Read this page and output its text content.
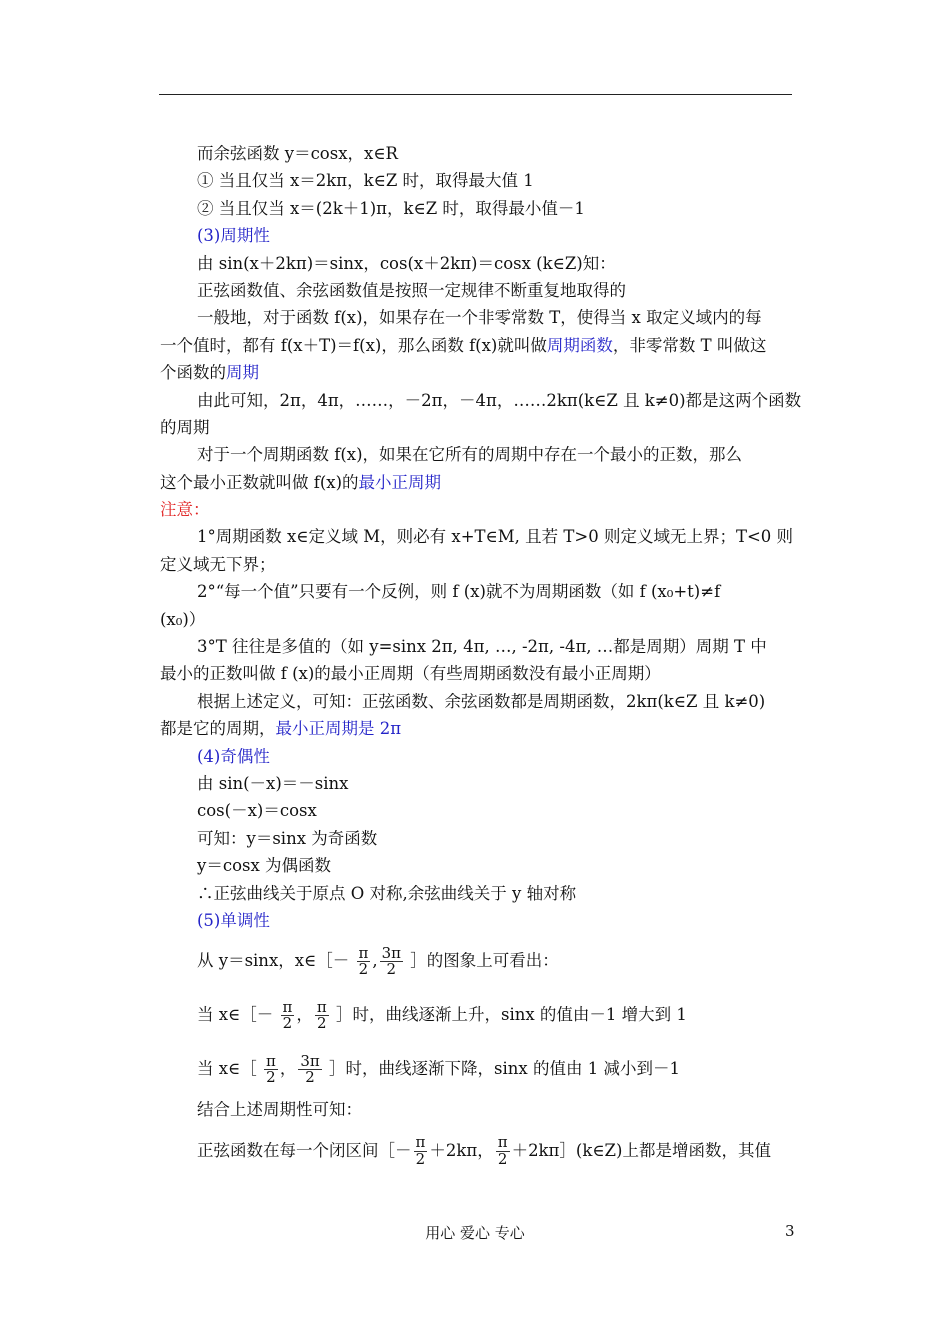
而余弦函数 y＝cosx，x∈R
① 当且仅当 x＝2kπ，k∈Z 时，取得最大值 1
② 当且仅当 x＝(2k＋1)π，k∈Z 时，取得最小值－1
(3)周期性
由 sin(x＋2kπ)＝sinx，cos(x＋2kπ)＝cosx (k∈Z)知：
正弦函数值、余弦函数值是按照一定规律不断重复地取得的
一般地，对于函数 f(x)，如果存在一个非零常数 T，使得当 x 取定义域内的每
一个值时，都有 f(x＋T)＝f(x)，那么函数 f(x)就叫做周期函数，非零常数 T 叫做这
个函数的周期
由此可知，2π，4π，……，－2π，－4π，……2kπ(k∈Z 且 k≠0)都是这两个函数
的周期
对于一个周期函数 f(x)，如果在它所有的周期中存在一个最小的正数，那么
这个最小正数就叫做 f(x)的最小正周期
注意：
1°周期函数 x∈定义域 M，则必有 x+T∈M, 且若 T>0 则定义域无上界；T<0 则
定义域无下界；
2°“每一个值”只要有一个反例，则 f (x)就不为周期函数（如 f (x₀+t)≠f
(x₀)）
3°T 往往是多值的（如 y=sinx 2π, 4π, …, -2π, -4π, …都是周期）周期 T 中
最小的正数叫做 f (x)的最小正周期（有些周期函数没有最小正周期）
根据上述定义，可知：正弦函数、余弦函数都是周期函数，2kπ(k∈Z 且 k≠0)
都是它的周期，最小正周期是 2π
(4)奇偶性
由 sin(－x)＝－sinx
cos(－x)＝cosx
可知：y＝sinx 为奇函数
y＝cosx 为偶函数
∴正弦曲线关于原点 O 对称,余弦曲线关于 y 轴对称
(5)单调性
从 y＝sinx，x∈［－ $\frac{\pi}{2}$ , $\frac{3\pi}{2}$ ］的图象上可看出：
当 x∈［－ $\frac{\pi}{2}$ ， $\frac{\pi}{2}$ ］时，曲线逐渐上升，sinx 的值由－1 增大到 1
当 x∈［ $\frac{\pi}{2}$ ， $\frac{3\pi}{2}$ ］时，曲线逐渐下降，sinx 的值由 1 减小到－1
结合上述周期性可知：
正弦函数在每一个闭区间［－ $\frac{\pi}{2} +2k\pi$， $\frac{\pi}{2}$ ＋2kπ］(k∈Z)上都是增函数，其值
用心 爱心 专心	3
